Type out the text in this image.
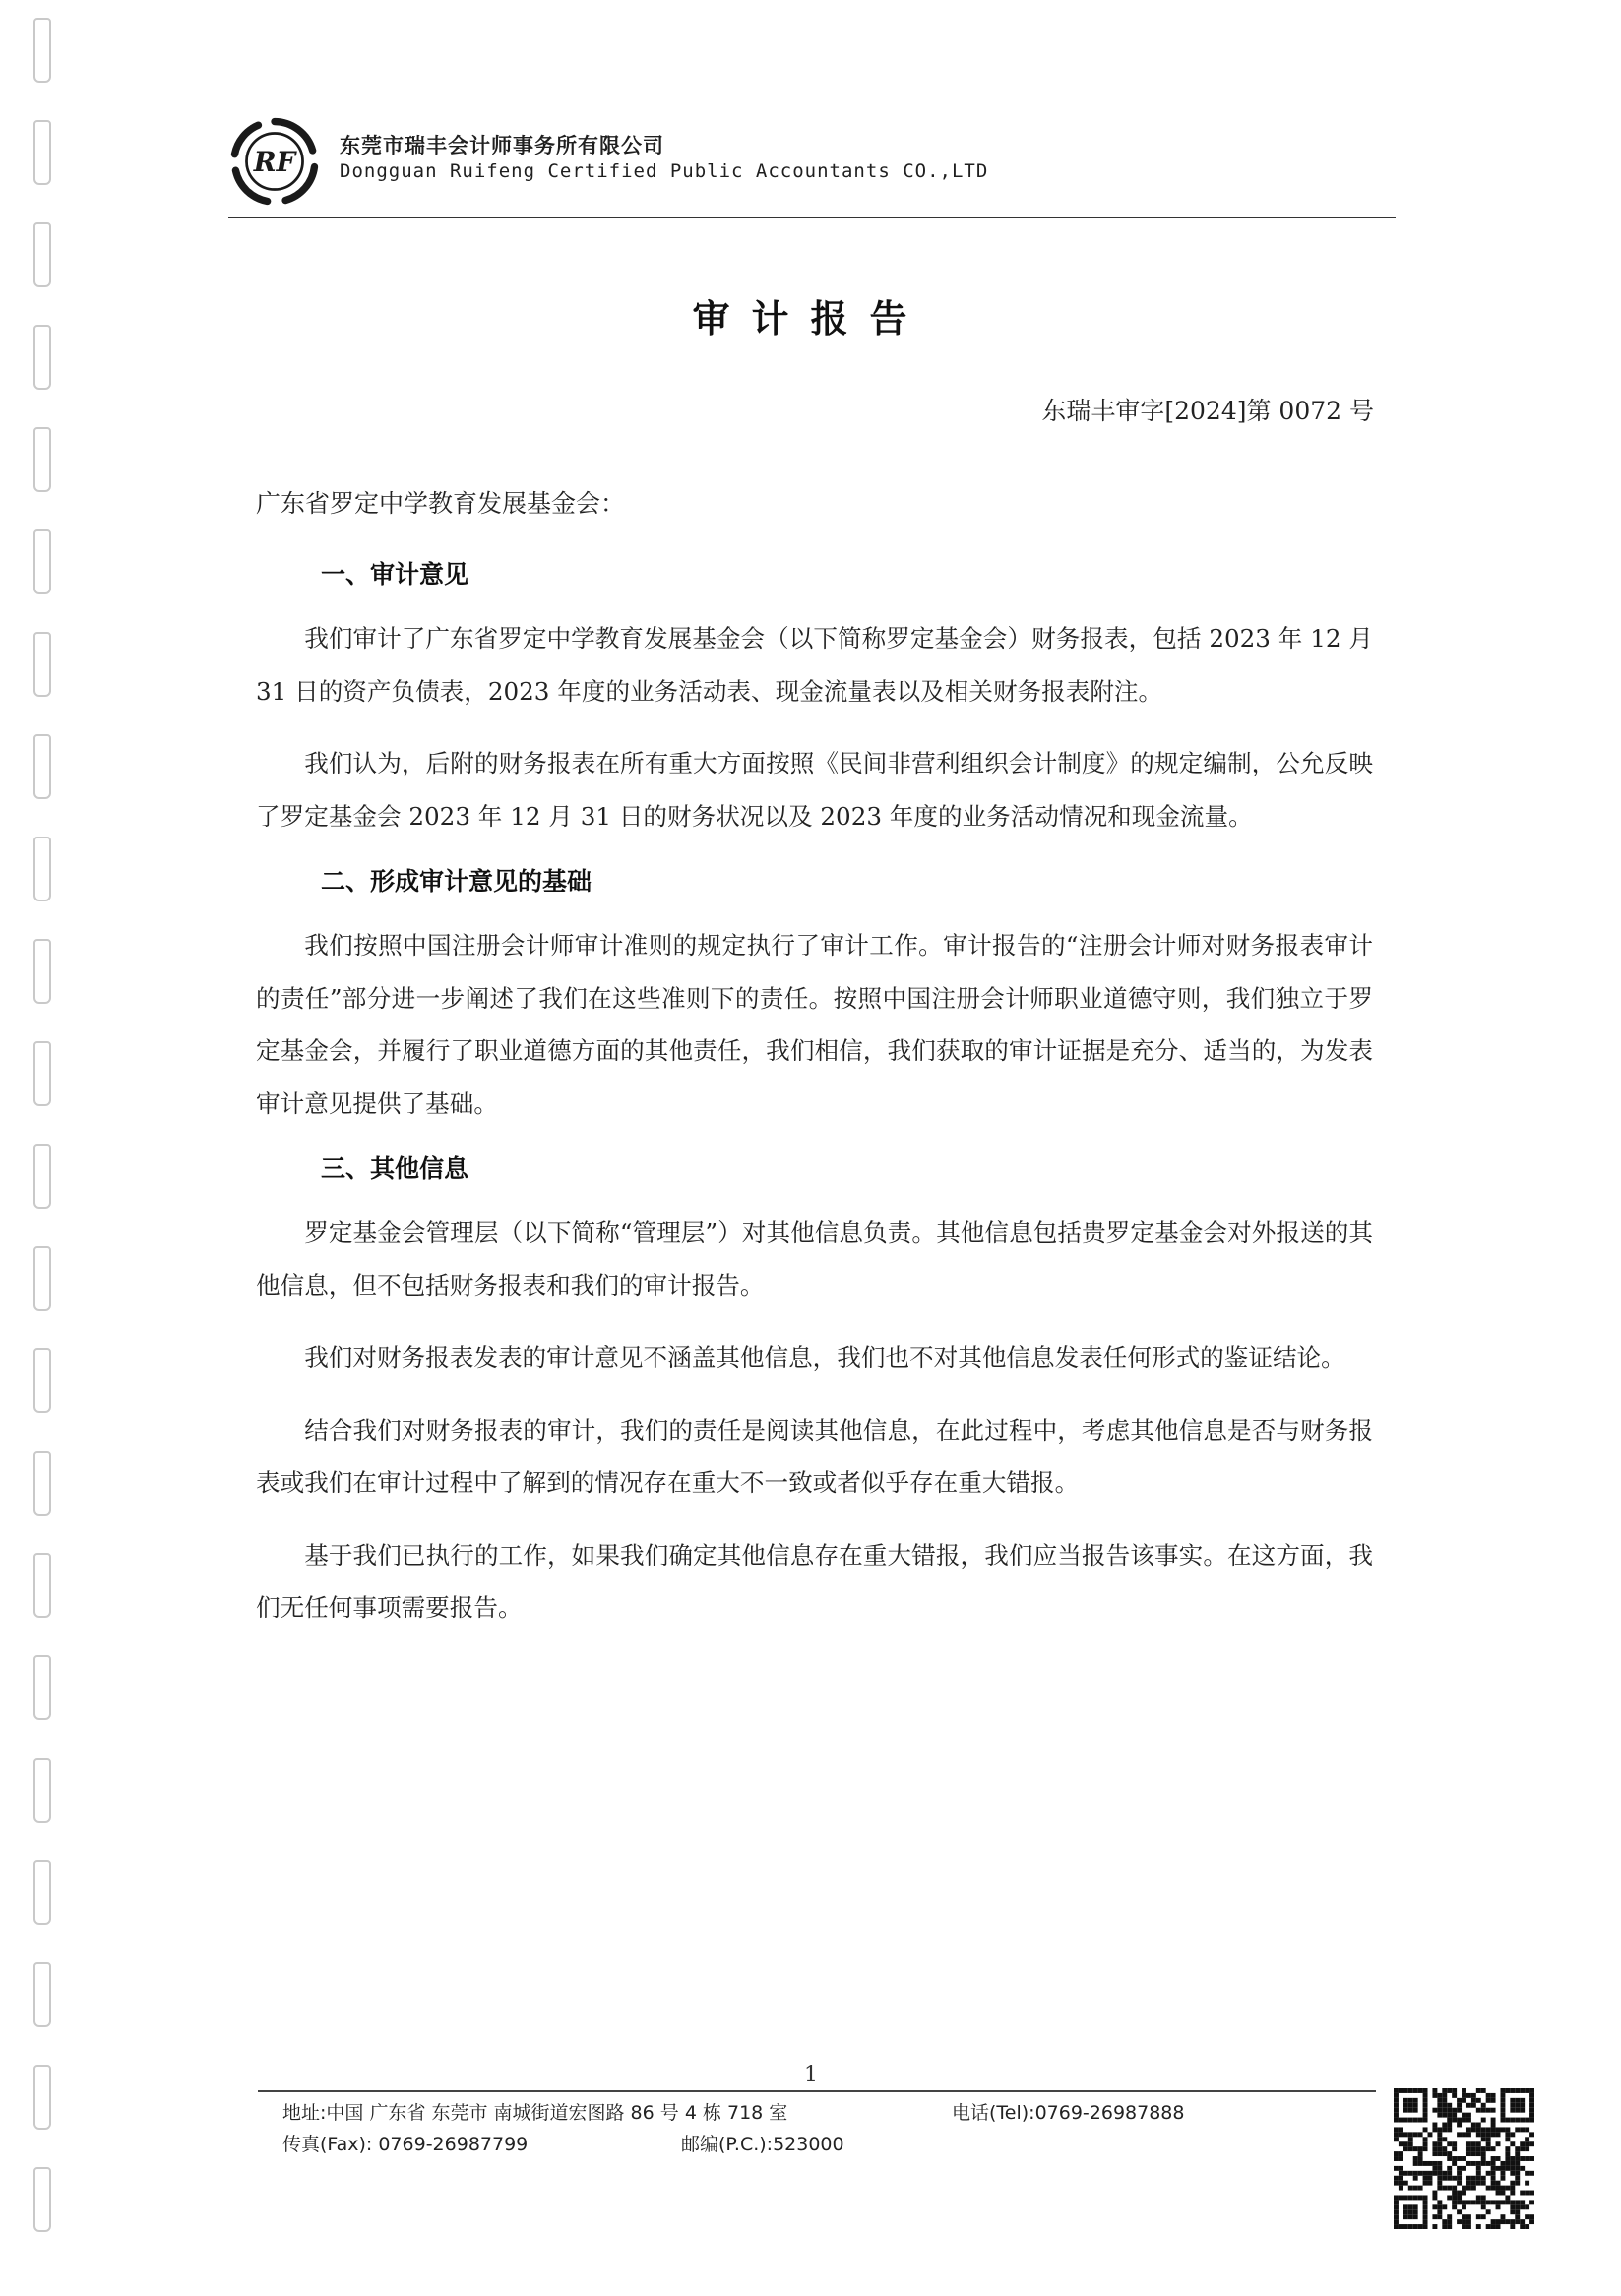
RF

东莞市瑞丰会计师事务所有限公司

Dongguan Ruifeng Certified Public Accountants CO.,LTD

审计报告

东瑞丰审字[2024]第 0072 号

广东省罗定中学教育发展基金会：

一、审计意见

我们审计了广东省罗定中学教育发展基金会（以下简称罗定基金会）财务报表，包括 2023 年 12 月 31 日的资产负债表，2023 年度的业务活动表、现金流量表以及相关财务报表附注。

我们认为，后附的财务报表在所有重大方面按照《民间非营利组织会计制度》的规定编制，公允反映了罗定基金会 2023 年 12 月 31 日的财务状况以及 2023 年度的业务活动情况和现金流量。

二、形成审计意见的基础

我们按照中国注册会计师审计准则的规定执行了审计工作。审计报告的“注册会计师对财务报表审计的责任”部分进一步阐述了我们在这些准则下的责任。按照中国注册会计师职业道德守则，我们独立于罗定基金会，并履行了职业道德方面的其他责任，我们相信，我们获取的审计证据是充分、适当的，为发表审计意见提供了基础。

三、其他信息

罗定基金会管理层（以下简称“管理层”）对其他信息负责。其他信息包括贵罗定基金会对外报送的其他信息，但不包括财务报表和我们的审计报告。

我们对财务报表发表的审计意见不涵盖其他信息，我们也不对其他信息发表任何形式的鉴证结论。

结合我们对财务报表的审计，我们的责任是阅读其他信息，在此过程中，考虑其他信息是否与财务报表或我们在审计过程中了解到的情况存在重大不一致或者似乎存在重大错报。

基于我们已执行的工作，如果我们确定其他信息存在重大错报，我们应当报告该事实。在这方面，我们无任何事项需要报告。

1

地址:中国 广东省 东莞市 南城街道宏图路 86 号 4 栋 718 室	电话(Tel):0769-26987888
传真(Fax): 0769-26987799	邮编(P.C.):523000
